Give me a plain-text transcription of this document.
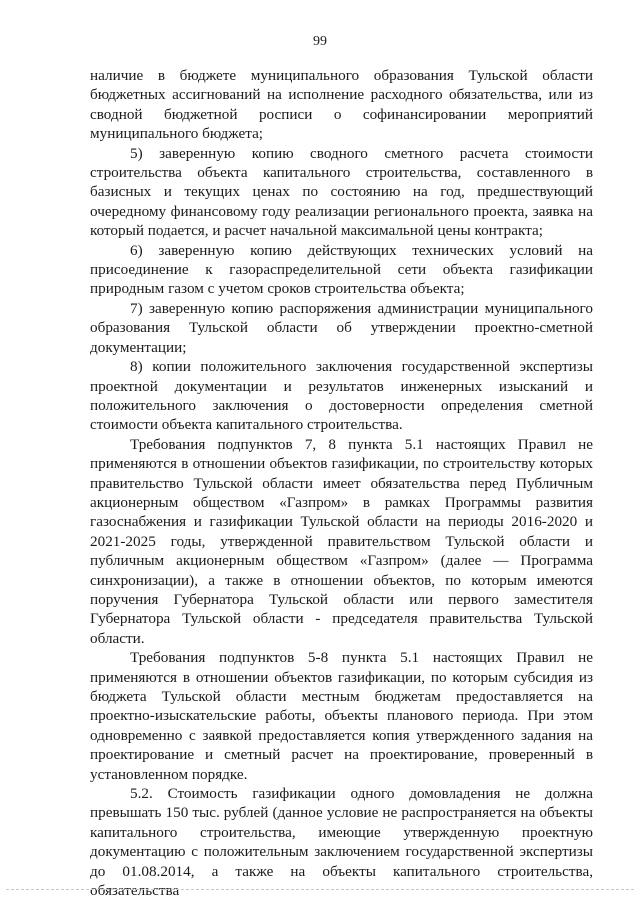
99

наличие в бюджете муниципального образования Тульской области бюджетных ассигнований на исполнение расходного обязательства, или из сводной бюджетной росписи о софинансировании мероприятий муниципального бюджета;

5) заверенную копию сводного сметного расчета стоимости строительства объекта капитального строительства, составленного в базисных и текущих ценах по состоянию на год, предшествующий очередному финансовому году реализации регионального проекта, заявка на который подается, и расчет начальной максимальной цены контракта;

6) заверенную копию действующих технических условий на присоединение к газораспределительной сети объекта газификации природным газом с учетом сроков строительства объекта;

7) заверенную копию распоряжения администрации муниципального образования Тульской области об утверждении проектно-сметной документации;

8) копии положительного заключения государственной экспертизы проектной документации и результатов инженерных изысканий и положительного заключения о достоверности определения сметной стоимости объекта капитального строительства.

Требования подпунктов 7, 8 пункта 5.1 настоящих Правил не применяются в отношении объектов газификации, по строительству которых правительство Тульской области имеет обязательства перед Публичным акционерным обществом «Газпром» в рамках Программы развития газоснабжения и газификации Тульской области на периоды 2016-2020 и 2021-2025 годы, утвержденной правительством Тульской области и публичным акционерным обществом «Газпром» (далее — Программа синхронизации), а также в отношении объектов, по которым имеются поручения Губернатора Тульской области или первого заместителя Губернатора Тульской области - председателя правительства Тульской области.

Требования подпунктов 5-8 пункта 5.1 настоящих Правил не применяются в отношении объектов газификации, по которым субсидия из бюджета Тульской области местным бюджетам предоставляется на проектно-изыскательские работы, объекты планового периода. При этом одновременно с заявкой предоставляется копия утвержденного задания на проектирование и сметный расчет на проектирование, проверенный в установленном порядке.

5.2. Стоимость газификации одного домовладения не должна превышать 150 тыс. рублей (данное условие не распространяется на объекты капитального строительства, имеющие утвержденную проектную документацию с положительным заключением государственной экспертизы до 01.08.2014, а также на объекты капитального строительства, обязательства
